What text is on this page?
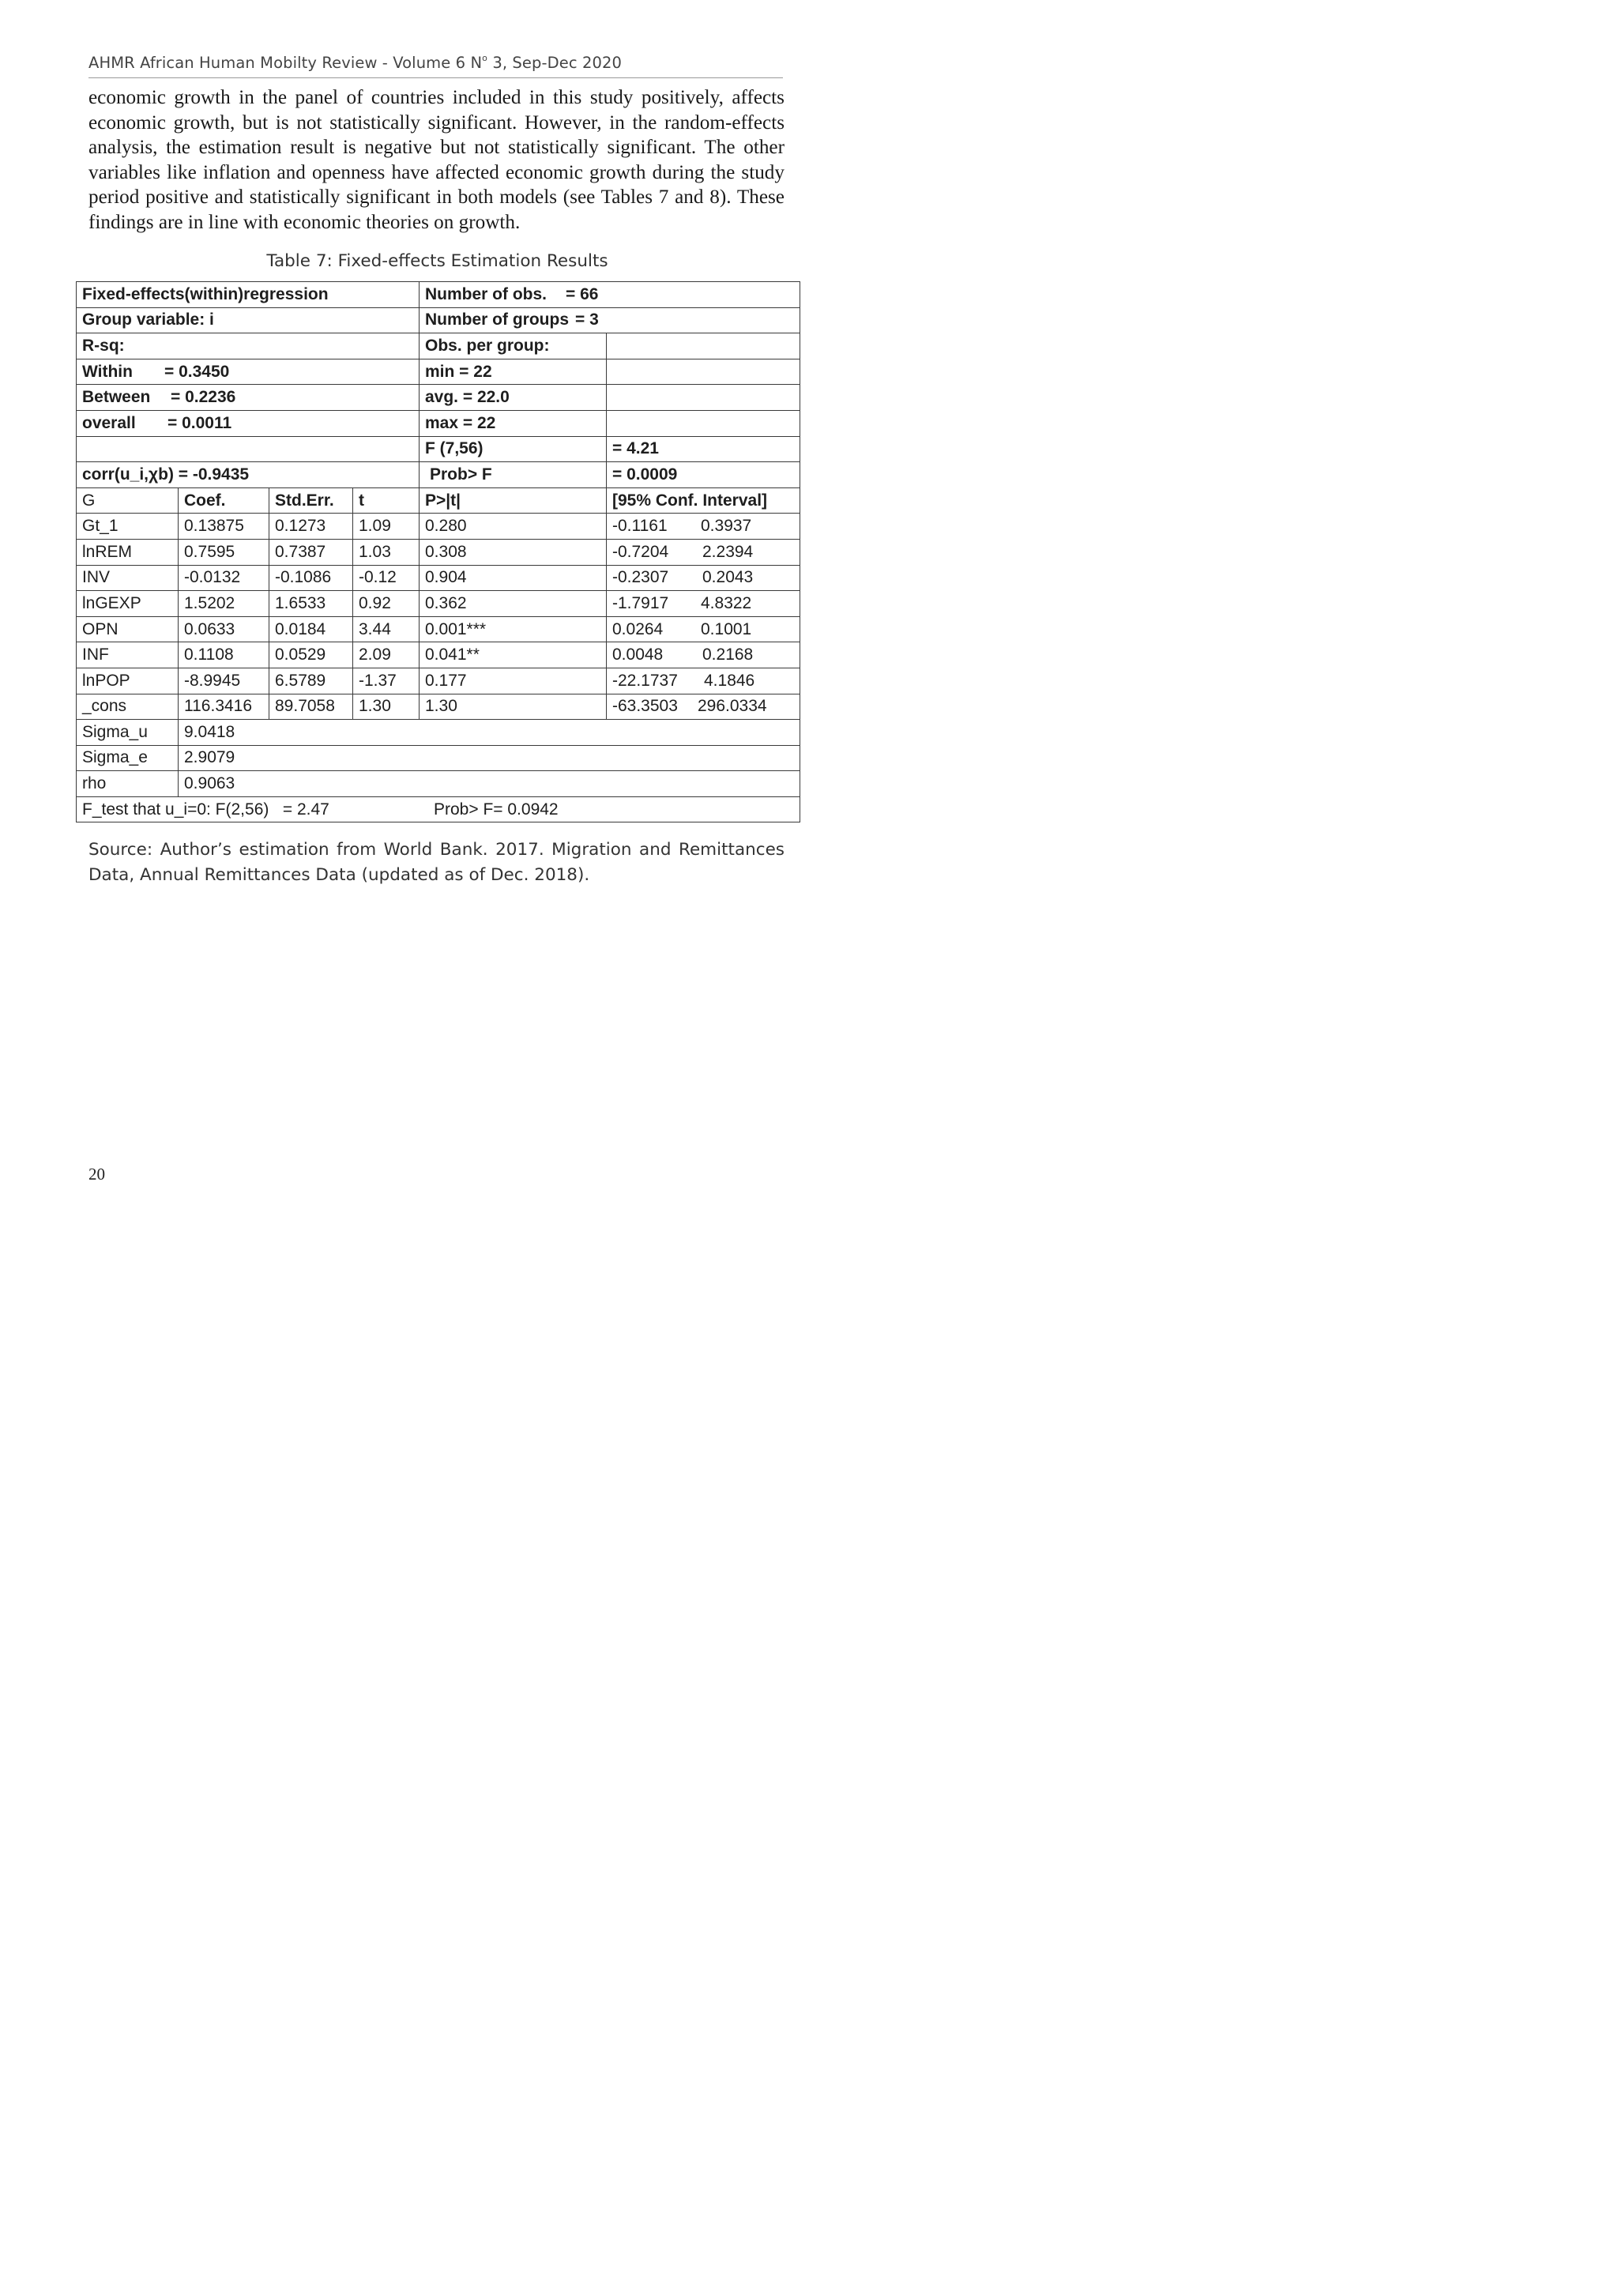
AHMR African Human Mobilty Review - Volume 6 $N^o$ 3, Sep-Dec 2020

economic growth in the panel of countries included in this study positively, affects economic growth, but is not statistically significant. However, in the random-effects analysis, the estimation result is negative but not statistically significant. The other variables like inflation and openness have affected economic growth during the study period positive and statistically significant in both models (see Tables 7 and 8). These findings are in line with economic theories on growth.

Table 7: Fixed-effects Estimation Results
Fixed-effects(within)regression				Number of obs. = 66	
Group variable: i				Number of groups = 3	
R-sq:				Obs. per group:	
Within = 0.3450				min = 22	
Between = 0.2236				avg. = 22.0	
overall = 0.0011				max = 22	
				F (7,56)	= 4.21
corr(u_i,χb) = -0.9435				Prob> F	= 0.0009
G	Coef.	Std.Err.	t	P>|t|	[95% Conf. Interval]
Gt_1	0.13875	0.1273	1.09	0.280	-0.1161 0.3937
lnREM	0.7595	0.7387	1.03	0.308	-0.7204 2.2394
INV	-0.0132	-0.1086	-0.12	0.904	-0.2307 0.2043
lnGEXP	1.5202	1.6533	0.92	0.362	-1.7917 4.8322
OPN	0.0633	0.0184	3.44	0.001***	0.0264 0.1001
INF	0.1108	0.0529	2.09	0.041**	0.0048 0.2168
lnPOP	-8.9945	6.5789	-1.37	0.177	-22.1737 4.1846
_cons	116.3416	89.7058	1.30	1.30	-63.3503 296.0334
Sigma_u	9.0418				
Sigma_e	2.9079				
rho	0.9063				
F_test that u_i=0: F(2,56)   = 2.47 Prob> F= 0.0942					

Source: Author’s estimation from World Bank. 2017. Migration and Remittances Data, Annual Remittances Data (updated as of Dec. 2018).

20
